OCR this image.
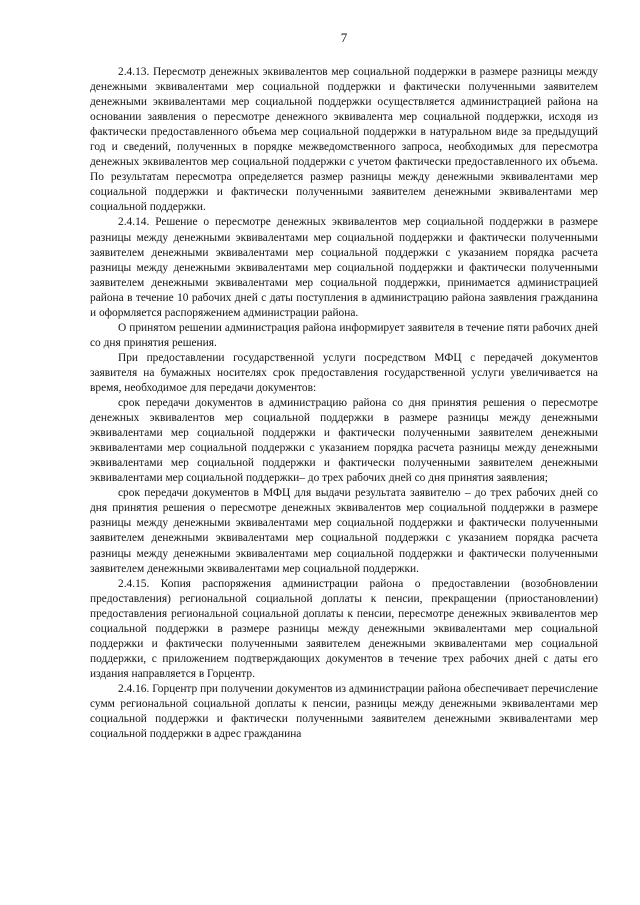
7

2.4.13. Пересмотр денежных эквивалентов мер социальной поддержки в размере разницы между денежными эквивалентами мер социальной поддержки и фактически полученными заявителем денежными эквивалентами мер социальной поддержки осуществляется администрацией района на основании заявления о пересмотре денежного эквивалента мер социальной поддержки, исходя из фактически предоставленного объема мер социальной поддержки в натуральном виде за предыдущий год и сведений, полученных в порядке межведомственного запроса, необходимых для пересмотра денежных эквивалентов мер социальной поддержки с учетом фактически предоставленного их объема. По результатам пересмотра определяется размер разницы между денежными эквивалентами мер социальной поддержки и фактически полученными заявителем денежными эквивалентами мер социальной поддержки.

2.4.14. Решение о пересмотре денежных эквивалентов мер социальной поддержки в размере разницы между денежными эквивалентами мер социальной поддержки и фактически полученными заявителем денежными эквивалентами мер социальной поддержки с указанием порядка расчета разницы между денежными эквивалентами мер социальной поддержки и фактически полученными заявителем денежными эквивалентами мер социальной поддержки, принимается администрацией района в течение 10 рабочих дней с даты поступления в администрацию района заявления гражданина и оформляется распоряжением администрации района.

О принятом решении администрация района информирует заявителя в течение пяти рабочих дней со дня принятия решения.

При предоставлении государственной услуги посредством МФЦ с передачей документов заявителя на бумажных носителях срок предоставления государственной услуги увеличивается на время, необходимое для передачи документов:

срок передачи документов в администрацию района со дня принятия решения о пересмотре денежных эквивалентов мер социальной поддержки в размере разницы между денежными эквивалентами мер социальной поддержки и фактически полученными заявителем денежными эквивалентами мер социальной поддержки с указанием порядка расчета разницы между денежными эквивалентами мер социальной поддержки и фактически полученными заявителем денежными эквивалентами мер социальной поддержки– до трех рабочих дней со дня принятия заявления;

срок передачи документов в МФЦ для выдачи результата заявителю – до трех рабочих дней со дня принятия решения о пересмотре денежных эквивалентов мер социальной поддержки в размере разницы между денежными эквивалентами мер социальной поддержки и фактически полученными заявителем денежными эквивалентами мер социальной поддержки с указанием порядка расчета разницы между денежными эквивалентами мер социальной поддержки и фактически полученными заявителем денежными эквивалентами мер социальной поддержки.

2.4.15. Копия распоряжения администрации района о предоставлении (возобновлении предоставления) региональной социальной доплаты к пенсии, прекращении (приостановлении) предоставления региональной социальной доплаты к пенсии, пересмотре денежных эквивалентов мер социальной поддержки в размере разницы между денежными эквивалентами мер социальной поддержки и фактически полученными заявителем денежными эквивалентами мер социальной поддержки, с приложением подтверждающих документов в течение трех рабочих дней с даты его издания направляется в Горцентр.

2.4.16. Горцентр при получении документов из администрации района обеспечивает перечисление сумм региональной социальной доплаты к пенсии, разницы между денежными эквивалентами мер социальной поддержки и фактически полученными заявителем денежными эквивалентами мер социальной поддержки в адрес гражданина
